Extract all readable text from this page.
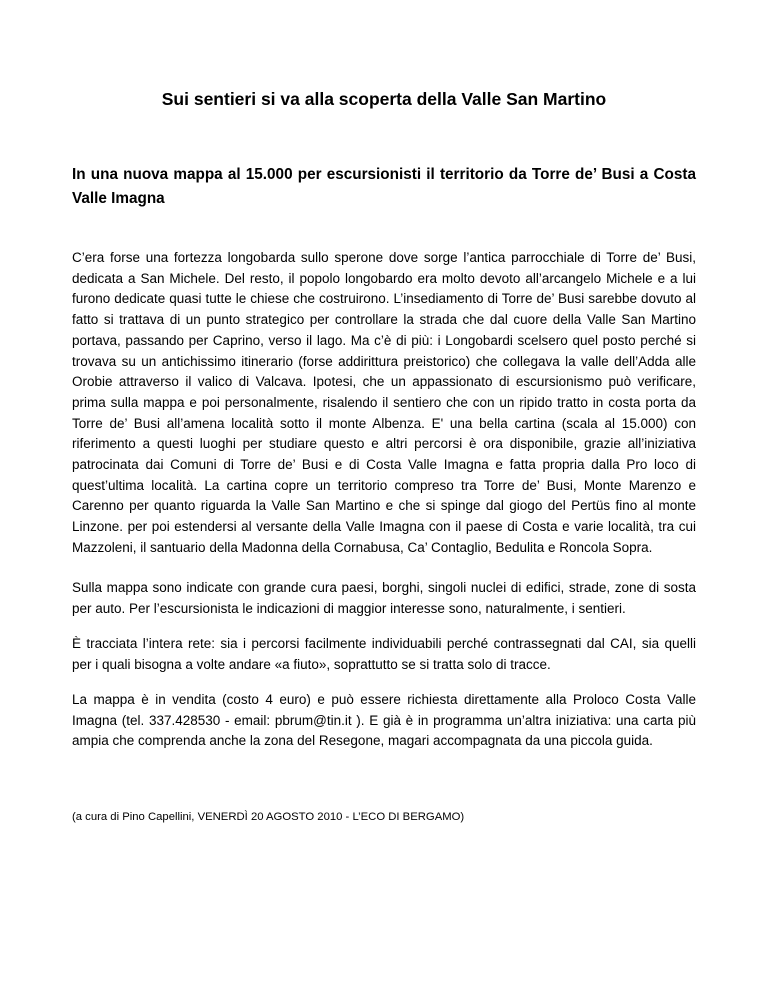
Sui sentieri si va alla scoperta della Valle San Martino
In una nuova mappa al 15.000 per escursionisti il territorio da Torre de’ Busi a Costa Valle Imagna

C’era forse una fortezza longobarda sullo sperone dove sorge l’antica parrocchiale di Torre de’ Busi, dedicata a San Michele. Del resto, il popolo longobardo era molto devoto all’arcangelo Michele e a lui furono dedicate quasi tutte le chiese che costruirono. L’insediamento di Torre de’ Busi sarebbe dovuto al fatto si trattava di un punto strategico per controllare la strada che dal cuore della Valle San Martino portava, passando per Caprino, verso il lago. Ma c’è di più: i Longobardi scelsero quel posto perché si trovava su un antichissimo itinerario (forse addirittura preistorico) che collegava la valle dell’Adda alle Orobie attraverso il valico di Valcava. Ipotesi, che un appassionato di escursionismo può verificare, prima sulla mappa e poi personalmente, risalendo il sentiero che con un ripido tratto in costa porta da Torre de’ Busi all’amena località sotto il monte Albenza. E' una bella cartina (scala al 15.000) con riferimento a questi luoghi per studiare questo e altri percorsi è ora disponibile, grazie all’iniziativa patrocinata dai Comuni di Torre de’ Busi e di Costa Valle Imagna e fatta propria dalla Pro loco di quest’ultima località. La cartina copre un territorio compreso tra Torre de’ Busi, Monte Marenzo e Carenno per quanto riguarda la Valle San Martino e che si spinge dal giogo del Pertüs fino al monte Linzone. per poi estendersi al versante della Valle Imagna con il paese di Costa e varie località, tra cui Mazzoleni, il santuario della Madonna della Cornabusa, Ca’ Contaglio, Bedulita e Roncola Sopra.

Sulla mappa sono indicate con grande cura paesi, borghi, singoli nuclei di edifici, strade, zone di sosta per auto. Per l’escursionista le indicazioni di maggior interesse sono, naturalmente, i sentieri.

È tracciata l’intera rete: sia i percorsi facilmente individuabili perché contrassegnati dal CAI, sia quelli per i quali bisogna a volte andare «a fiuto», soprattutto se si tratta solo di tracce.

La mappa è in vendita (costo 4 euro) e può essere richiesta direttamente alla Proloco Costa Valle Imagna (tel. 337.428530 - email: pbrum@tin.it ). E già è in programma un’altra iniziativa: una carta più ampia che comprenda anche la zona del Resegone, magari accompagnata da una piccola guida.

(a cura di Pino Capellini, VENERDÌ 20 AGOSTO 2010 - L’ECO DI BERGAMO)
